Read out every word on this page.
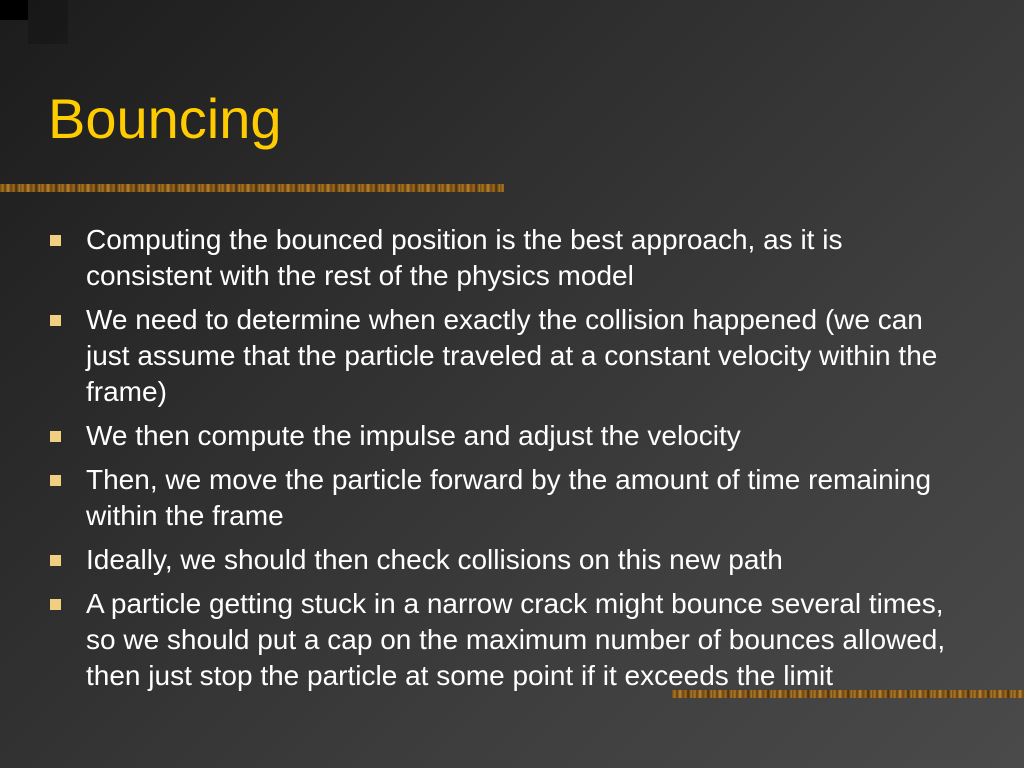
Bouncing
Computing the bounced position is the best approach, as it is consistent with the rest of the physics model
We need to determine when exactly the collision happened (we can just assume that the particle traveled at a constant velocity within the frame)
We then compute the impulse and adjust the velocity
Then, we move the particle forward by the amount of time remaining within the frame
Ideally, we should then check collisions on this new path
A particle getting stuck in a narrow crack might bounce several times, so we should put a cap on the maximum number of bounces allowed, then just stop the particle at some point if it exceeds the limit
